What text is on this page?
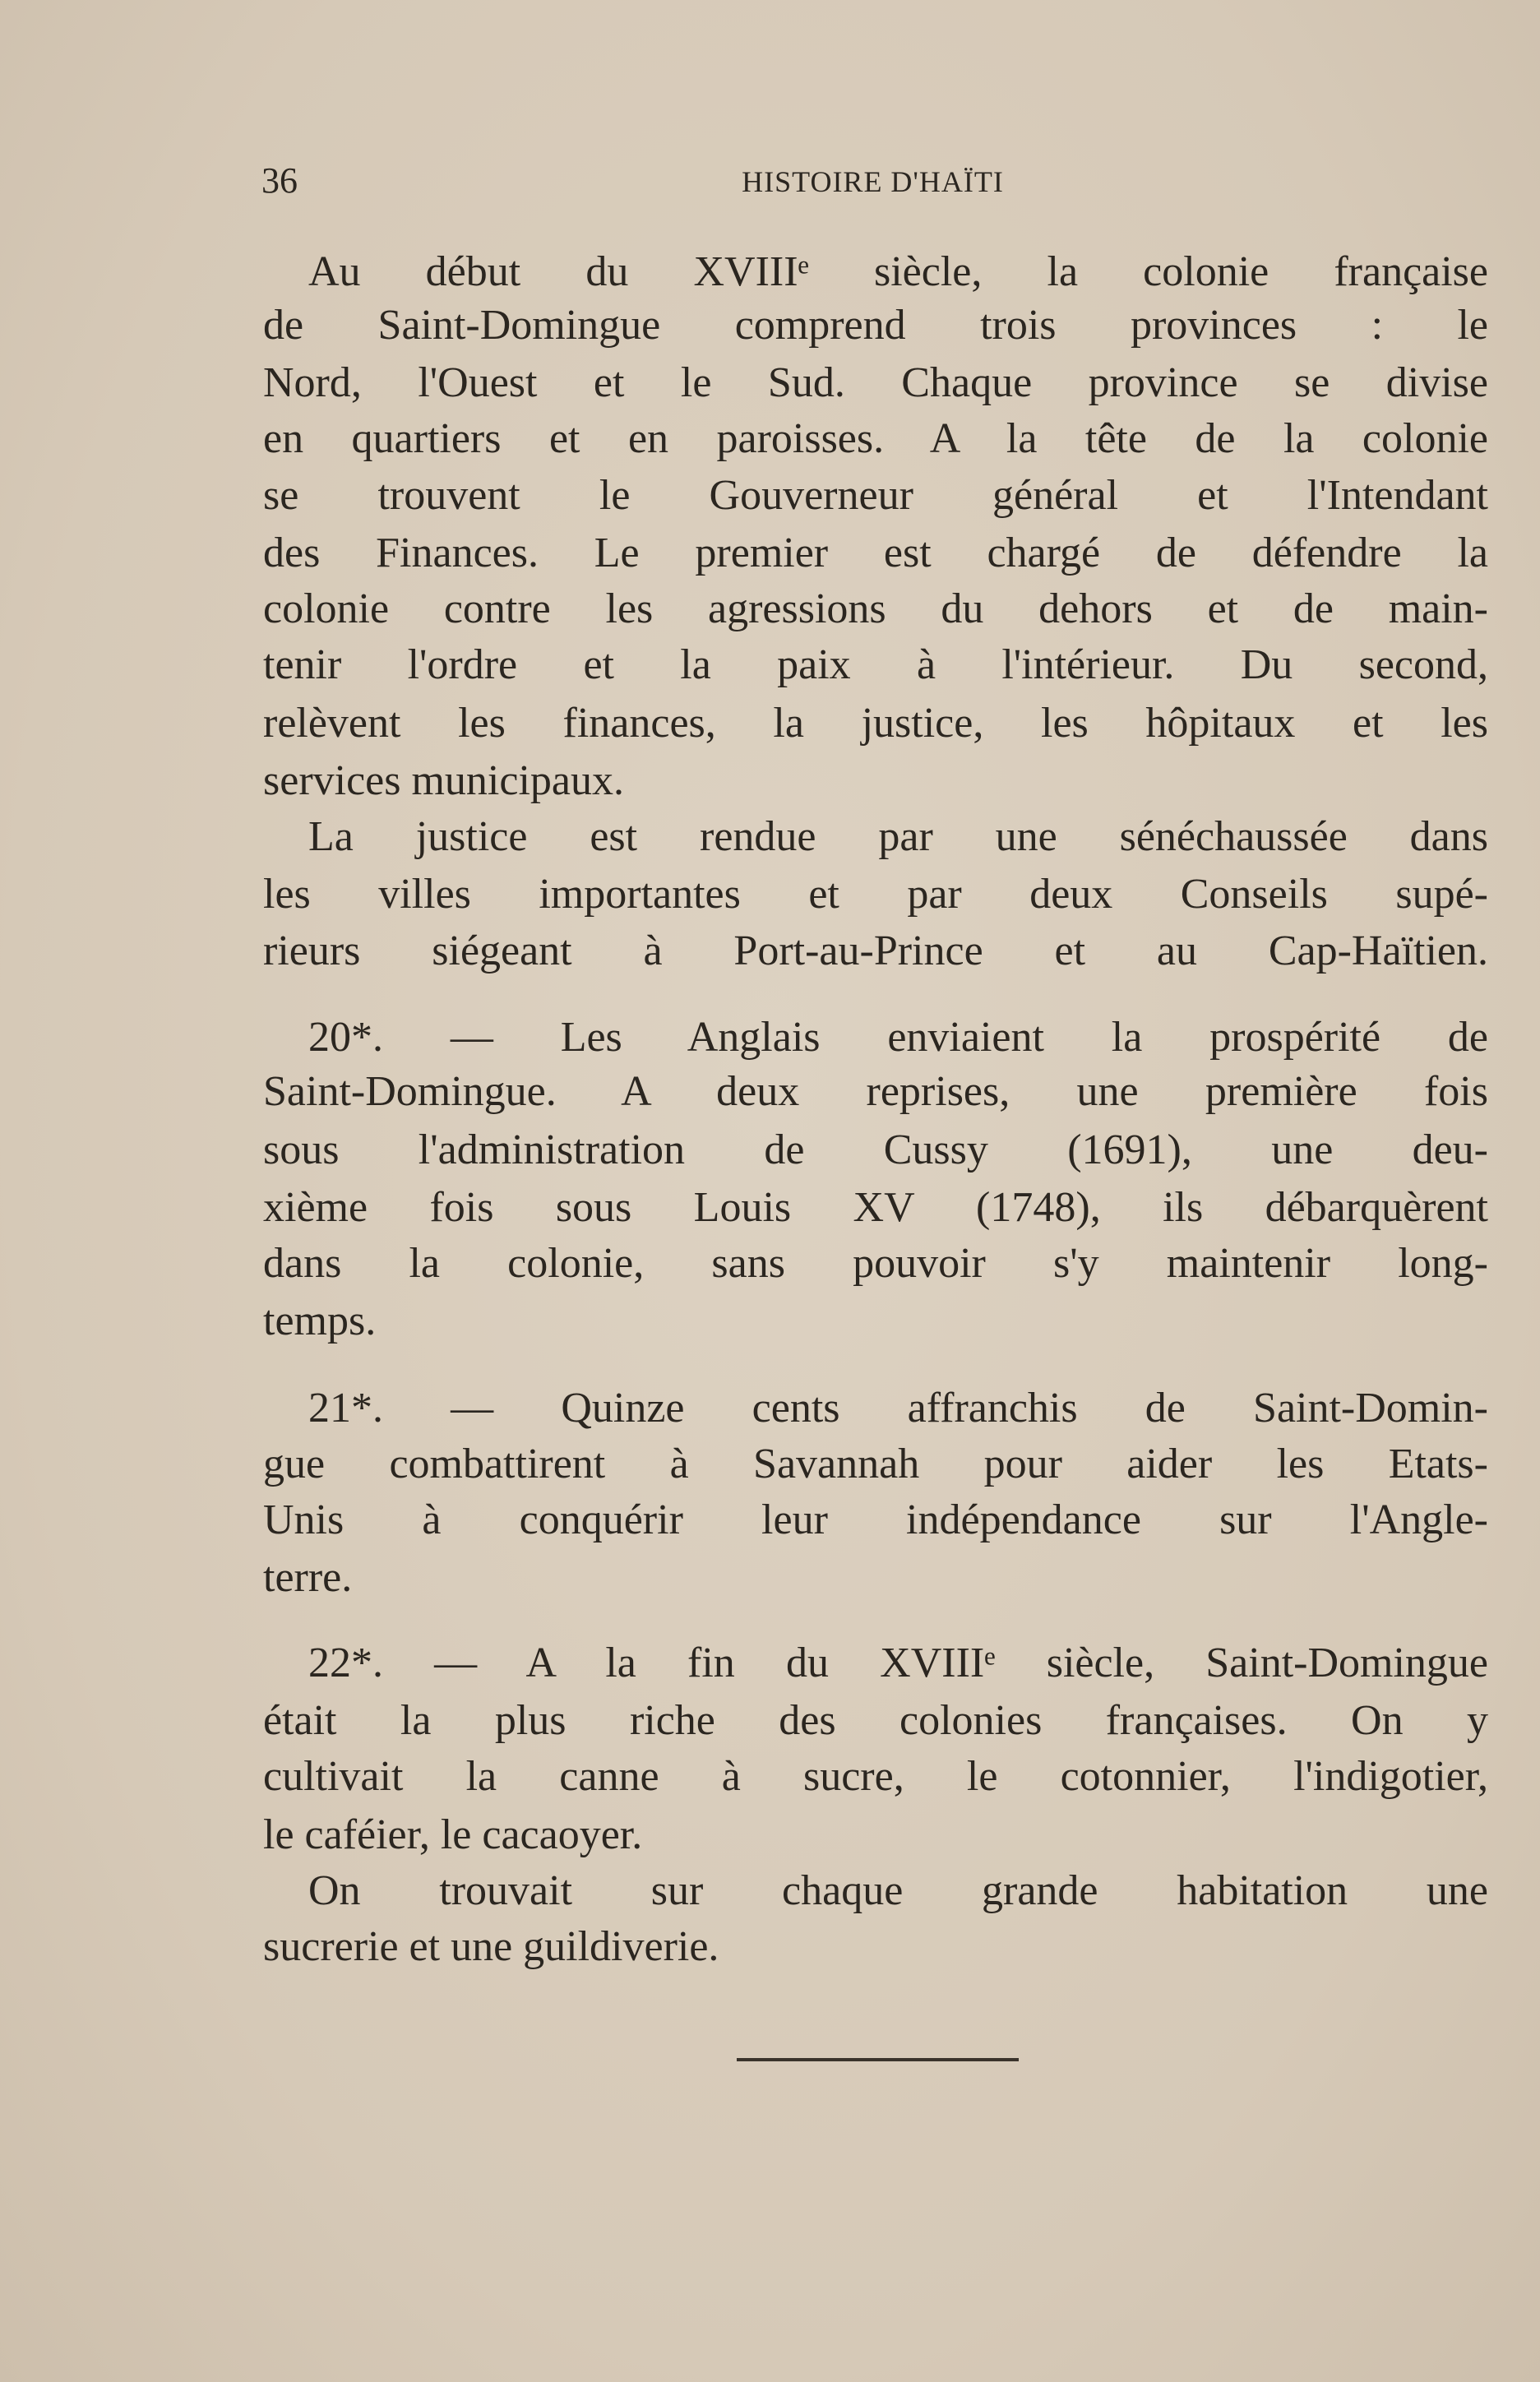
36	HISTOIRE D'HAÏTI
Au début du XVIIIᵉ siècle, la colonie française
de Saint-Domingue comprend trois provinces : le
Nord, l'Ouest et le Sud. Chaque province se divise
en quartiers et en paroisses. A la tête de la colonie
se trouvent le Gouverneur général et l'Intendant
des Finances. Le premier est chargé de défendre la
colonie contre les agressions du dehors et de main-
tenir l'ordre et la paix à l'intérieur. Du second,
relèvent les finances, la justice, les hôpitaux et les
services municipaux.
La justice est rendue par une sénéchaussée dans
les villes importantes et par deux Conseils supé-
rieurs siégeant à Port-au-Prince et au Cap-Haïtien.
20*. — Les Anglais enviaient la prospérité de
Saint-Domingue. A deux reprises, une première fois
sous l'administration de Cussy (1691), une deu-
xième fois sous Louis XV (1748), ils débarquèrent
dans la colonie, sans pouvoir s'y maintenir long-
temps.
21*. — Quinze cents affranchis de Saint-Domin-
gue combattirent à Savannah pour aider les Etats-
Unis à conquérir leur indépendance sur l'Angle-
terre.
22*. — A la fin du XVIIIᵉ siècle, Saint-Domingue
était la plus riche des colonies françaises. On y
cultivait la canne à sucre, le cotonnier, l'indigotier,
le caféier, le cacaoyer.
On trouvait sur chaque grande habitation une
sucrerie et une guildiverie.
